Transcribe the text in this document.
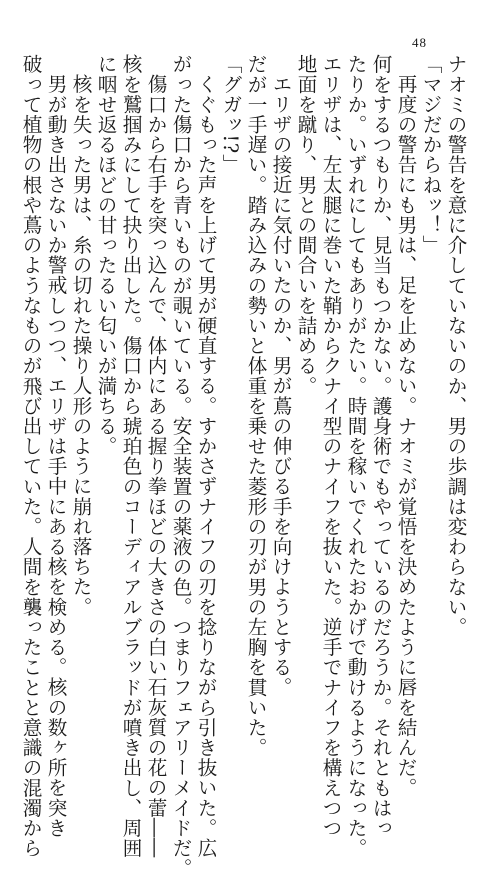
48
ナオミの警告を意に介していないのか、男の歩調は変わらない。
「マジだからねッ！」
再度の警告にも男は、足を止めない。ナオミが覚悟を決めたように唇を結んだ。
何をするつもりか、見当もつかない。護身術でもやっているのだろうか。それともはっ
たりか。いずれにしてもありがたい。時間を稼いでくれたおかげで動けるようになった。
エリザは、左太腿に巻いた鞘からクナイ型のナイフを抜いた。逆手でナイフを構えつつ
地面を蹴り、男との間合いを詰める。
エリザの接近に気付いたのか、男が蔦の伸びる手を向けようとする。
だが一手遅い。踏み込みの勢いと体重を乗せた菱形の刃が男の左胸を貫いた。
「グガッ!?」
くぐもった声を上げて男が硬直する。すかさずナイフの刃を捻りながら引き抜いた。広
がった傷口から青いものが覗いている。安全装置の薬液の色。つまりフェアリーメイドだ。
傷口から右手を突っ込んで、体内にある握り拳ほどの大きさの白い石灰質の花の蕾――
核を鷲掴みにして抉り出した。傷口から琥珀色のコーディアルブラッドが噴き出し、周囲
に咽せ返るほどの甘ったるい匂いが満ちる。
核を失った男は、糸の切れた操り人形のように崩れ落ちた。
男が動き出さないか警戒しつつ、エリザは手中にある核を検める。核の数ヶ所を突き
破って植物の根や蔦のようなものが飛び出していた。人間を襲ったことと意識の混濁から
